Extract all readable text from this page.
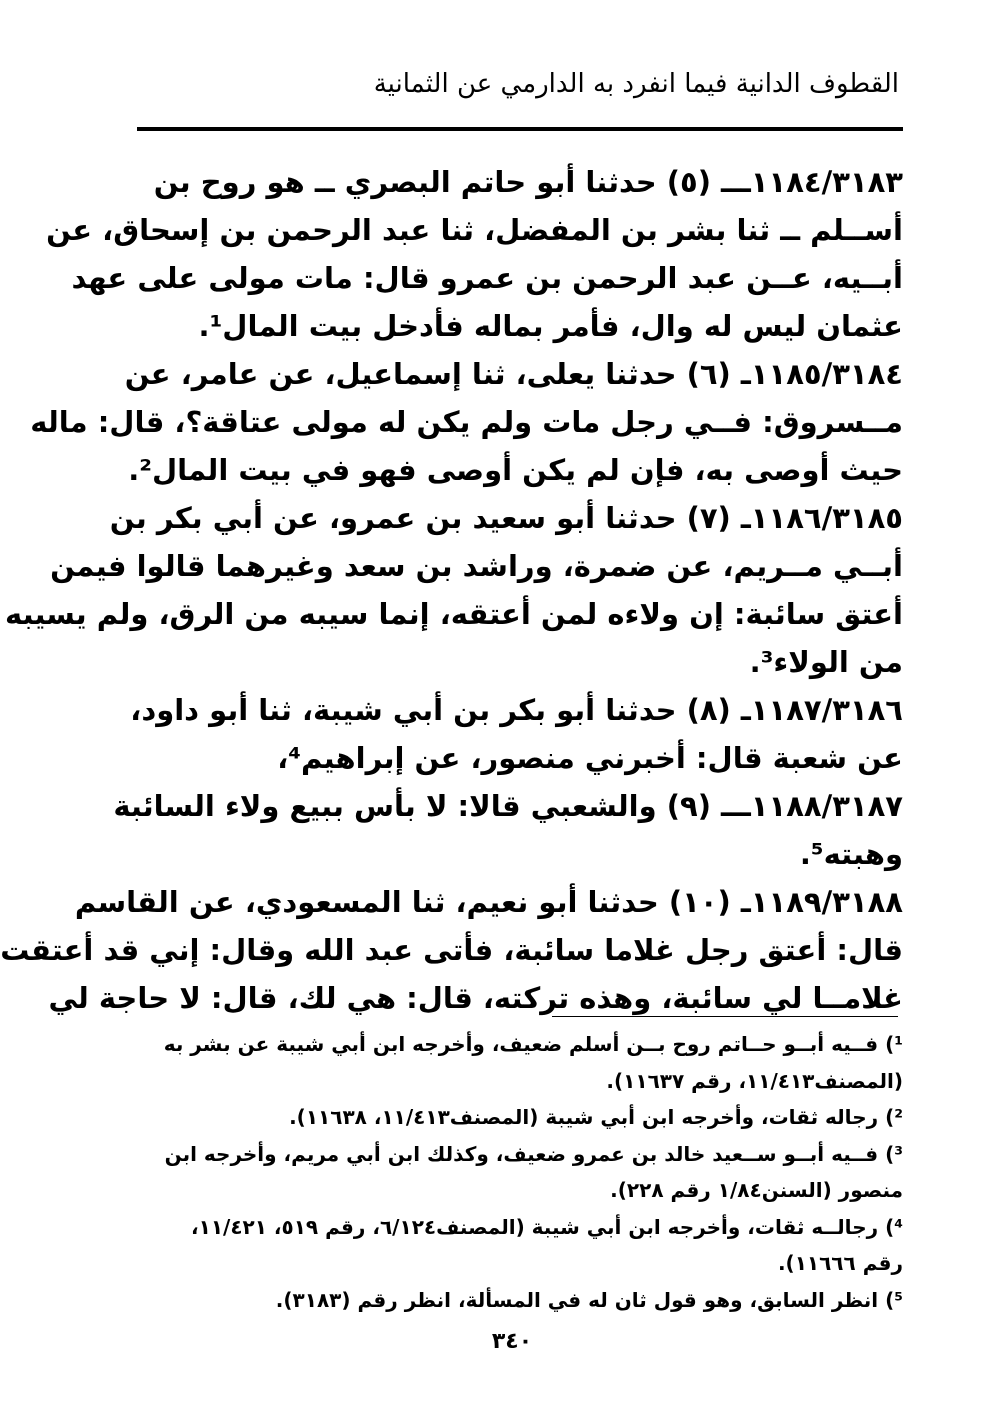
القطوف الدانية فيما انفرد به الدارمي عن الثمانية
١١٨٤/٣١٨٣ـــ (٥) حدثنا أبو حاتم البصري ــ هو روح بن
أســلم ــ ثنا بشر بن المفضل، ثنا عبد الرحمن بن إسحاق، عن
أبــيه، عــن عبد الرحمن بن عمرو قال: مات مولى على عهد
عثمان ليس له وال، فأمر بماله فأدخل بيت المال¹.
١١٨٥/٣١٨٤ـ (٦) حدثنا يعلى، ثنا إسماعيل، عن عامر، عن
مــسروق: فــي رجل مات ولم يكن له مولى عتاقة؟، قال: ماله
حيث أوصى به، فإن لم يكن أوصى فهو في بيت المال².
١١٨٦/٣١٨٥ـ (٧) حدثنا أبو سعيد بن عمرو، عن أبي بكر بن
أبــي مــريم، عن ضمرة، وراشد بن سعد وغيرهما قالوا فيمن
أعتق سائبة: إن ولاءه لمن أعتقه، إنما سيبه من الرق، ولم يسيبه
من الولاء³.
١١٨٧/٣١٨٦ـ (٨) حدثنا أبو بكر بن أبي شيبة، ثنا أبو داود،
عن شعبة قال: أخبرني منصور، عن إبراهيم⁴،
١١٨٨/٣١٨٧ـــ (٩) والشعبي قالا: لا بأس ببيع ولاء السائبة
وهبته⁵.
١١٨٩/٣١٨٨ـ (١٠) حدثنا أبو نعيم، ثنا المسعودي، عن القاسم
قال: أعتق رجل غلاما سائبة، فأتى عبد الله وقال: إني قد أعتقت
غلامــا لي سائبة، وهذه تركته، قال: هي لك، قال: لا حاجة لي
¹) فــيه أبــو حــاتم روح بــن أسلم ضعيف، وأخرجه ابن أبي شيبة عن بشر به
(المصنف١١/٤١٣، رقم ١١٦٣٧).
²) رجاله ثقات، وأخرجه ابن أبي شيبة (المصنف١١/٤١٣، ١١٦٣٨).
³) فــيه أبــو ســعيد خالد بن عمرو ضعيف، وكذلك ابن أبي مريم، وأخرجه ابن
منصور (السنن١/٨٤ رقم ٢٢٨).
⁴) رجالــه ثقات، وأخرجه ابن أبي شيبة (المصنف٦/١٢٤، رقم ٥١٩، ١١/٤٢١،
رقم ١١٦٦٦).
⁵) انظر السابق، وهو قول ثان له في المسألة، انظر رقم (٣١٨٣).
٣٤٠
